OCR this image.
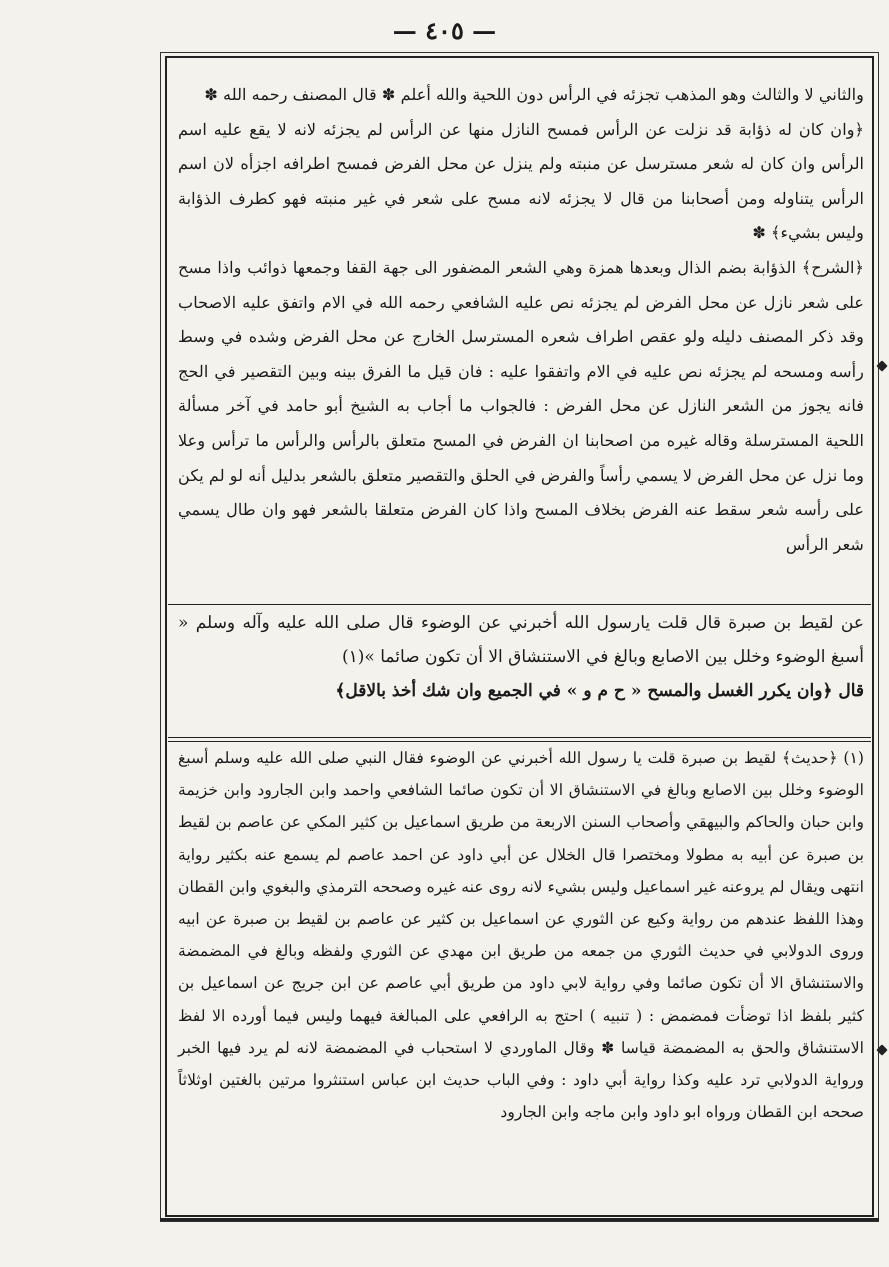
— ٤٠٥ —

والثاني لا والثالث وهو المذهب تجزئه في الرأس دون اللحية والله أعلم ✽ قال المصنف رحمه الله ✽

﴿وان كان له ذؤابة قد نزلت عن الرأس فمسح النازل منها عن الرأس لم يجزئه لانه لا يقع عليه اسم الرأس وان كان له شعر مسترسل عن منبته ولم ينزل عن محل الفرض فمسح اطرافه اجزأه لان اسم الرأس يتناوله ومن أصحابنا من قال لا يجزئه لانه مسح على شعر في غير منبته فهو كطرف الذؤابة وليس بشيء﴾ ✽

﴿الشرح﴾ الذؤابة بضم الذال وبعدها همزة وهي الشعر المضفور الى جهة القفا وجمعها ذوائب واذا مسح على شعر نازل عن محل الفرض لم يجزئه نص عليه الشافعي رحمه الله في الام واتفق عليه الاصحاب وقد ذكر المصنف دليله ولو عقص اطراف شعره المسترسل الخارج عن محل الفرض وشده في وسط رأسه ومسحه لم يجزئه نص عليه في الام واتفقوا عليه : فان قيل ما الفرق بينه وبين التقصير في الحج فانه يجوز من الشعر النازل عن محل الفرض : فالجواب ما أجاب به الشيخ أبو حامد في آخر مسألة اللحية المسترسلة وقاله غيره من اصحابنا ان الفرض في المسح متعلق بالرأس والرأس ما ترأس وعلا وما نزل عن محل الفرض لا يسمي رأساً والفرض في الحلق والتقصير متعلق بالشعر بدليل أنه لو لم يكن على رأسه شعر سقط عنه الفرض بخلاف المسح واذا كان الفرض متعلقا بالشعر فهو وان طال يسمي شعر الرأس

عن لقيط بن صبرة قال قلت يارسول الله أخبرني عن الوضوء قال صلى الله عليه وآله وسلم « أسبغ الوضوء وخلل بين الاصابع وبالغ في الاستنشاق الا أن تكون صائما »(١)

قال ﴿وان يكرر الغسل والمسح « ح م و » في الجميع وان شك أخذ بالاقل﴾

(١) ﴿حديث﴾ لقيط بن صبرة قلت يا رسول الله أخبرني عن الوضوء فقال النبي صلى الله عليه وسلم أسبغ الوضوء وخلل بين الاصابع وبالغ في الاستنشاق الا أن تكون صائما الشافعي واحمد وابن الجارود وابن خزيمة وابن حبان والحاكم والبيهقي وأصحاب السنن الاربعة من طريق اسماعيل بن كثير المكي عن عاصم بن لقيط بن صبرة عن أبيه به مطولا ومختصرا قال الخلال عن أبي داود عن احمد عاصم لم يسمع عنه بكثير رواية انتهى ويقال لم يروعنه غير اسماعيل وليس بشيء لانه روى عنه غيره وصححه الترمذي والبغوي وابن القطان وهذا اللفظ عندهم من رواية وكيع عن الثوري عن اسماعيل بن كثير عن عاصم بن لقيط بن صبرة عن ابيه وروى الدولابي في حديث الثوري من جمعه من طريق ابن مهدي عن الثوري ولفظه وبالغ في المضمضة والاستنشاق الا أن تكون صائما وفي رواية لابي داود من طريق أبي عاصم عن ابن جريج عن اسماعيل بن كثير بلفظ اذا توضأت فمضمض : ( تنبيه ) احتج به الرافعي على المبالغة فيهما وليس فيما أورده الا لفظ الاستنشاق والحق به المضمضة قياسا ✽ وقال الماوردي لا استحباب في المضمضة لانه لم يرد فيها الخبر ورواية الدولابي ترد عليه وكذا رواية أبي داود : وفي الباب حديث ابن عباس استنثروا مرتين بالغتين اوثلاثاً صححه ابن القطان ورواه ابو داود وابن ماجه وابن الجارود
